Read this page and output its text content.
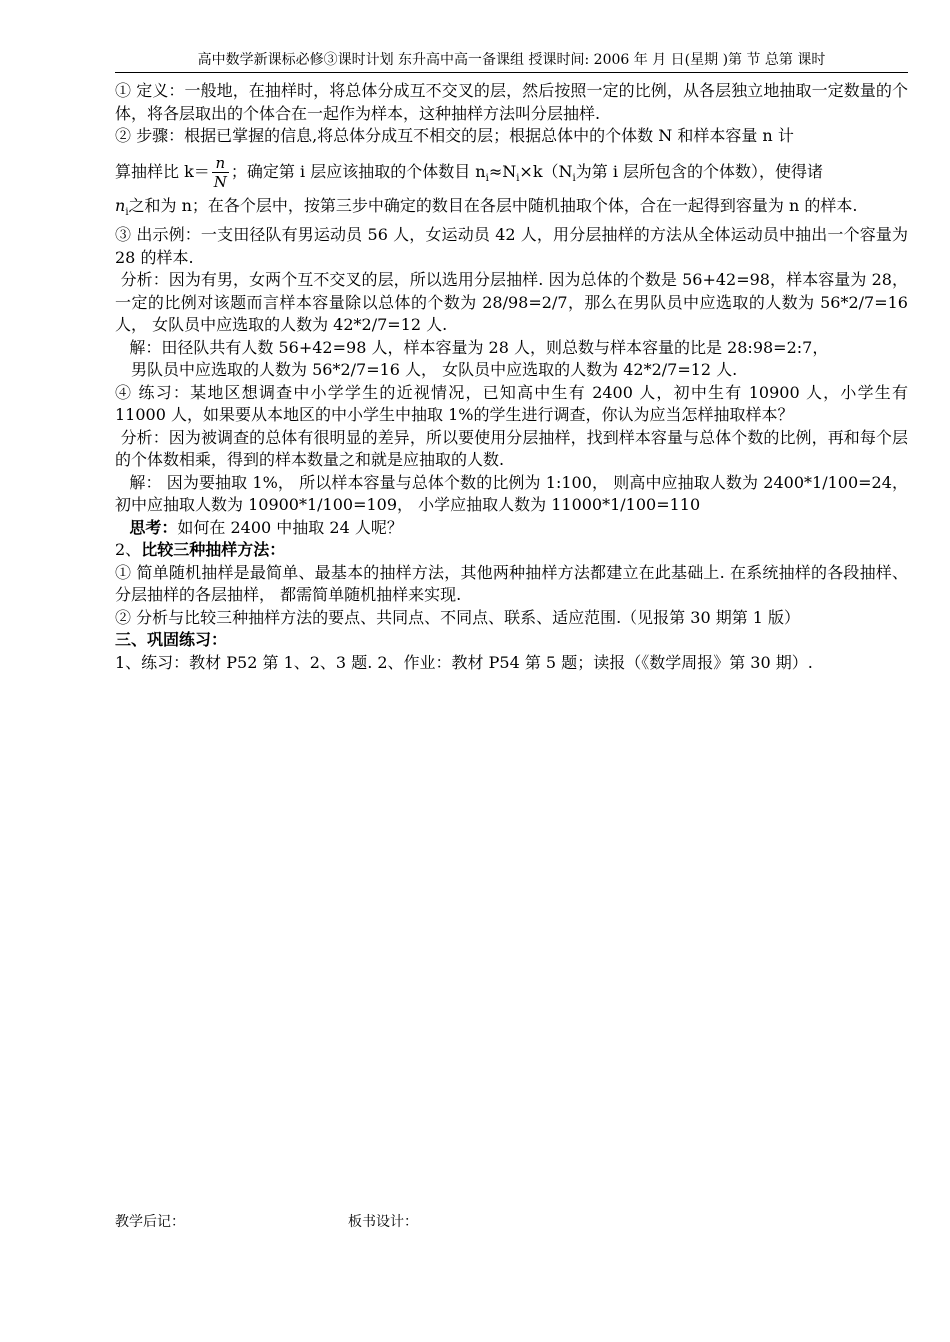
高中数学新课标必修③课时计划 东升高中高一备课组 授课时间: 2006 年 月 日(星期 )第 节 总第 课时

① 定义：一般地，在抽样时，将总体分成互不交叉的层，然后按照一定的比例，从各层独立地抽取一定数量的个体，将各层取出的个体合在一起作为样本，这种抽样方法叫分层抽样.

② 步骤：根据已掌握的信息,将总体分成互不相交的层；根据总体中的个体数 N 和样本容量 n 计

算抽样比 $k= \frac{n}{N}$ ；确定第 i 层应该抽取的个体数目 $n_i\approx N_i\times k(N_i$为第 i 层所包含的个体数），使得诸

$n_i$之和为 n；在各个层中，按第三步中确定的数目在各层中随机抽取个体，合在一起得到容量为 n 的样本.

③ 出示例：一支田径队有男运动员 56 人，女运动员 42 人，用分层抽样的方法从全体运动员中抽出一个容量为 28 的样本.

分析：因为有男，女两个互不交叉的层，所以选用分层抽样. 因为总体的个数是 56+42=98，样本容量为 28，一定的比例对该题而言样本容量除以总体的个数为 28/98=2/7，那么在男队员中应选取的人数为 56*2/7=16 人， 女队员中应选取的人数为 42*2/7=12 人.

解：田径队共有人数 56+42=98 人，样本容量为 28 人，则总数与样本容量的比是 28:98=2:7，

男队员中应选取的人数为 56*2/7=16 人， 女队员中应选取的人数为 42*2/7=12 人.

④ 练习：某地区想调查中小学学生的近视情况，已知高中生有 2400 人，初中生有 10900 人，小学生有 11000 人，如果要从本地区的中小学生中抽取 1%的学生进行调查，你认为应当怎样抽取样本？

分析：因为被调查的总体有很明显的差异，所以要使用分层抽样，找到样本容量与总体个数的比例，再和每个层的个体数相乘，得到的样本数量之和就是应抽取的人数.

解： 因为要抽取 1%， 所以样本容量与总体个数的比例为 1:100， 则高中应抽取人数为 2400*1/100=24， 初中应抽取人数为 10900*1/100=109， 小学应抽取人数为 11000*1/100=110

思考：如何在 2400 中抽取 24 人呢？

2、比较三种抽样方法：

① 简单随机抽样是最简单、最基本的抽样方法，其他两种抽样方法都建立在此基础上. 在系统抽样的各段抽样、分层抽样的各层抽样， 都需简单随机抽样来实现.

② 分析与比较三种抽样方法的要点、共同点、不同点、联系、适应范围.（见报第 30 期第 1 版）

三、巩固练习：

1、练习：教材 P52 第 1、2、3 题. 2、作业：教材 P54 第 5 题；读报（《数学周报》第 30 期）.

教学后记：	板书设计：
